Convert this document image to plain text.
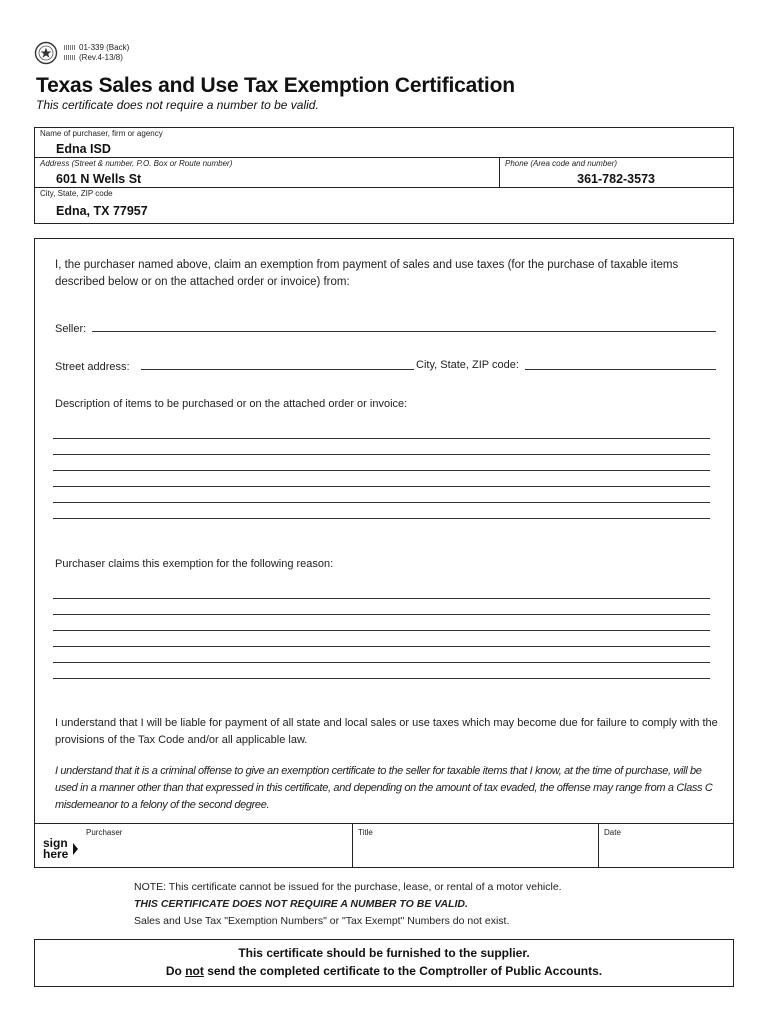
01-339 (Back)
(Rev.4-13/8)
Texas Sales and Use Tax Exemption Certification
This certificate does not require a number to be valid.
Name of purchaser, firm or agency
Edna ISD
Address (Street & number, P.O. Box or Route number)
601 N Wells St
Phone (Area code and number)
361-782-3573
City, State, ZIP code
Edna, TX 77957
I, the purchaser named above, claim an exemption from payment of sales and use taxes (for the purchase of taxable items described below or on the attached order or invoice) from:
Seller:
Street address:	City, State, ZIP code:
Description of items to be purchased or on the attached order or invoice:
Purchaser claims this exemption for the following reason:
I understand that I will be liable for payment of all state and local sales or use taxes which may become due for failure to comply with the provisions of the Tax Code and/or all applicable law.
I understand that it is a criminal offense to give an exemption certificate to the seller for taxable items that I know, at the time of purchase, will be used in a manner other than that expressed in this certificate, and depending on the amount of tax evaded, the offense may range from a Class C misdemeanor to a felony of the second degree.
Purchaser
sign
here
Title	Date
NOTE: This certificate cannot be issued for the purchase, lease, or rental of a motor vehicle.
THIS CERTIFICATE DOES NOT REQUIRE A NUMBER TO BE VALID.
Sales and Use Tax "Exemption Numbers" or "Tax Exempt" Numbers do not exist.
This certificate should be furnished to the supplier.
Do not send the completed certificate to the Comptroller of Public Accounts.
